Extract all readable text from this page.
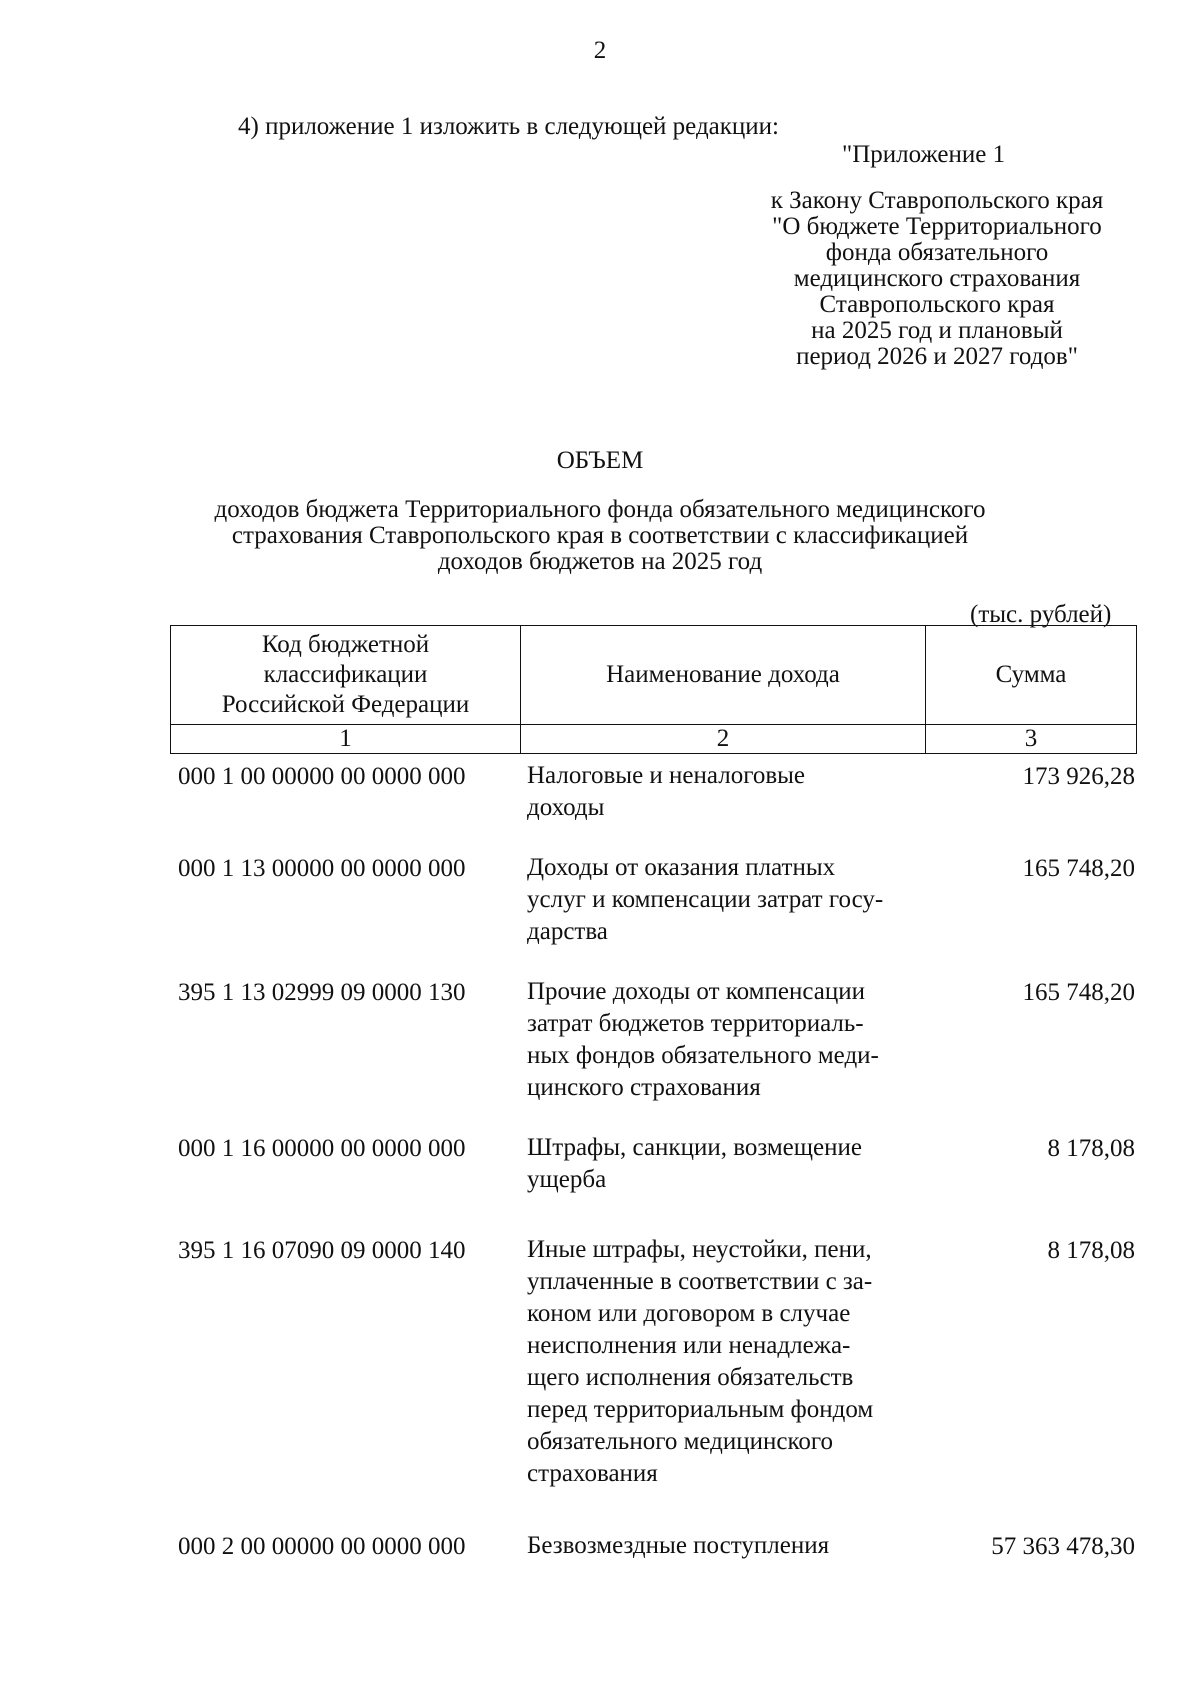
2
4) приложение 1 изложить в следующей редакции:
"Приложение 1
к Закону Ставропольского края
"О бюджете Территориального
фонда обязательного
медицинского страхования
Ставропольского края
на 2025 год и плановый
период 2026 и 2027 годов"
ОБЪЕМ
доходов бюджета Территориального фонда обязательного медицинского
страхования Ставропольского края в соответствии с классификацией
доходов бюджетов на 2025 год
(тыс. рублей)
Код бюджетной
классификации
Российской Федерации	Наименование дохода	Сумма
1	2	3
000 1 00 00000 00 0000 000	Налоговые и неналоговые
доходы
173 926,28
000 1 13 00000 00 0000 000	Доходы от оказания платных
услуг и компенсации затрат госу-
дарства
165 748,20
395 1 13 02999 09 0000 130	Прочие доходы от компенсации
затрат бюджетов территориаль-
ных фондов обязательного меди-
цинского страхования
165 748,20
000 1 16 00000 00 0000 000	Штрафы, санкции, возмещение
ущерба
8 178,08
395 1 16 07090 09 0000 140	Иные штрафы, неустойки, пени,
уплаченные в соответствии с за-
коном или договором в случае
неисполнения или ненадлежа-
щего исполнения обязательств
перед территориальным фондом
обязательного медицинского
страхования
8 178,08
000 2 00 00000 00 0000 000	Безвозмездные поступления	57 363 478,30
